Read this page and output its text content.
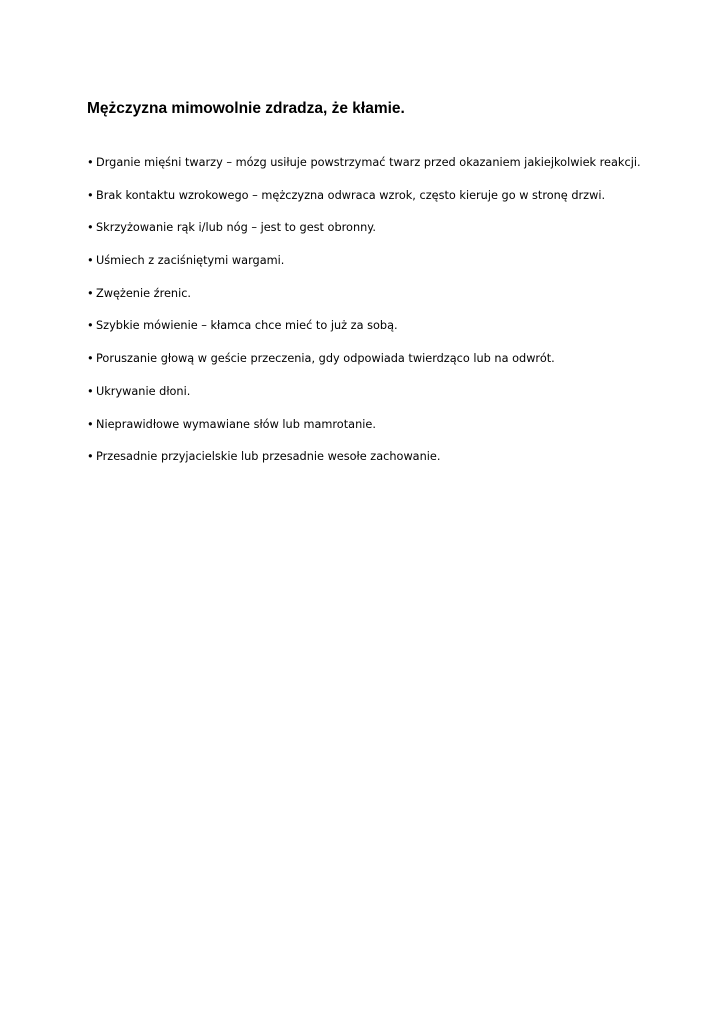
Mężczyzna mimowolnie zdradza, że kłamie.
• Drganie mięśni twarzy – mózg usiłuje powstrzymać twarz przed okazaniem jakiejkolwiek reakcji.
• Brak kontaktu wzrokowego – mężczyzna odwraca wzrok, często kieruje go w stronę drzwi.
• Skrzyżowanie rąk i/lub nóg – jest to gest obronny.
• Uśmiech z zaciśniętymi wargami.
• Zwężenie źrenic.
• Szybkie mówienie – kłamca chce mieć to już za sobą.
• Poruszanie głową w geście przeczenia, gdy odpowiada twierdząco lub na odwrót.
• Ukrywanie dłoni.
• Nieprawidłowe wymawiane słów lub mamrotanie.
• Przesadnie przyjacielskie lub przesadnie wesołe zachowanie.
